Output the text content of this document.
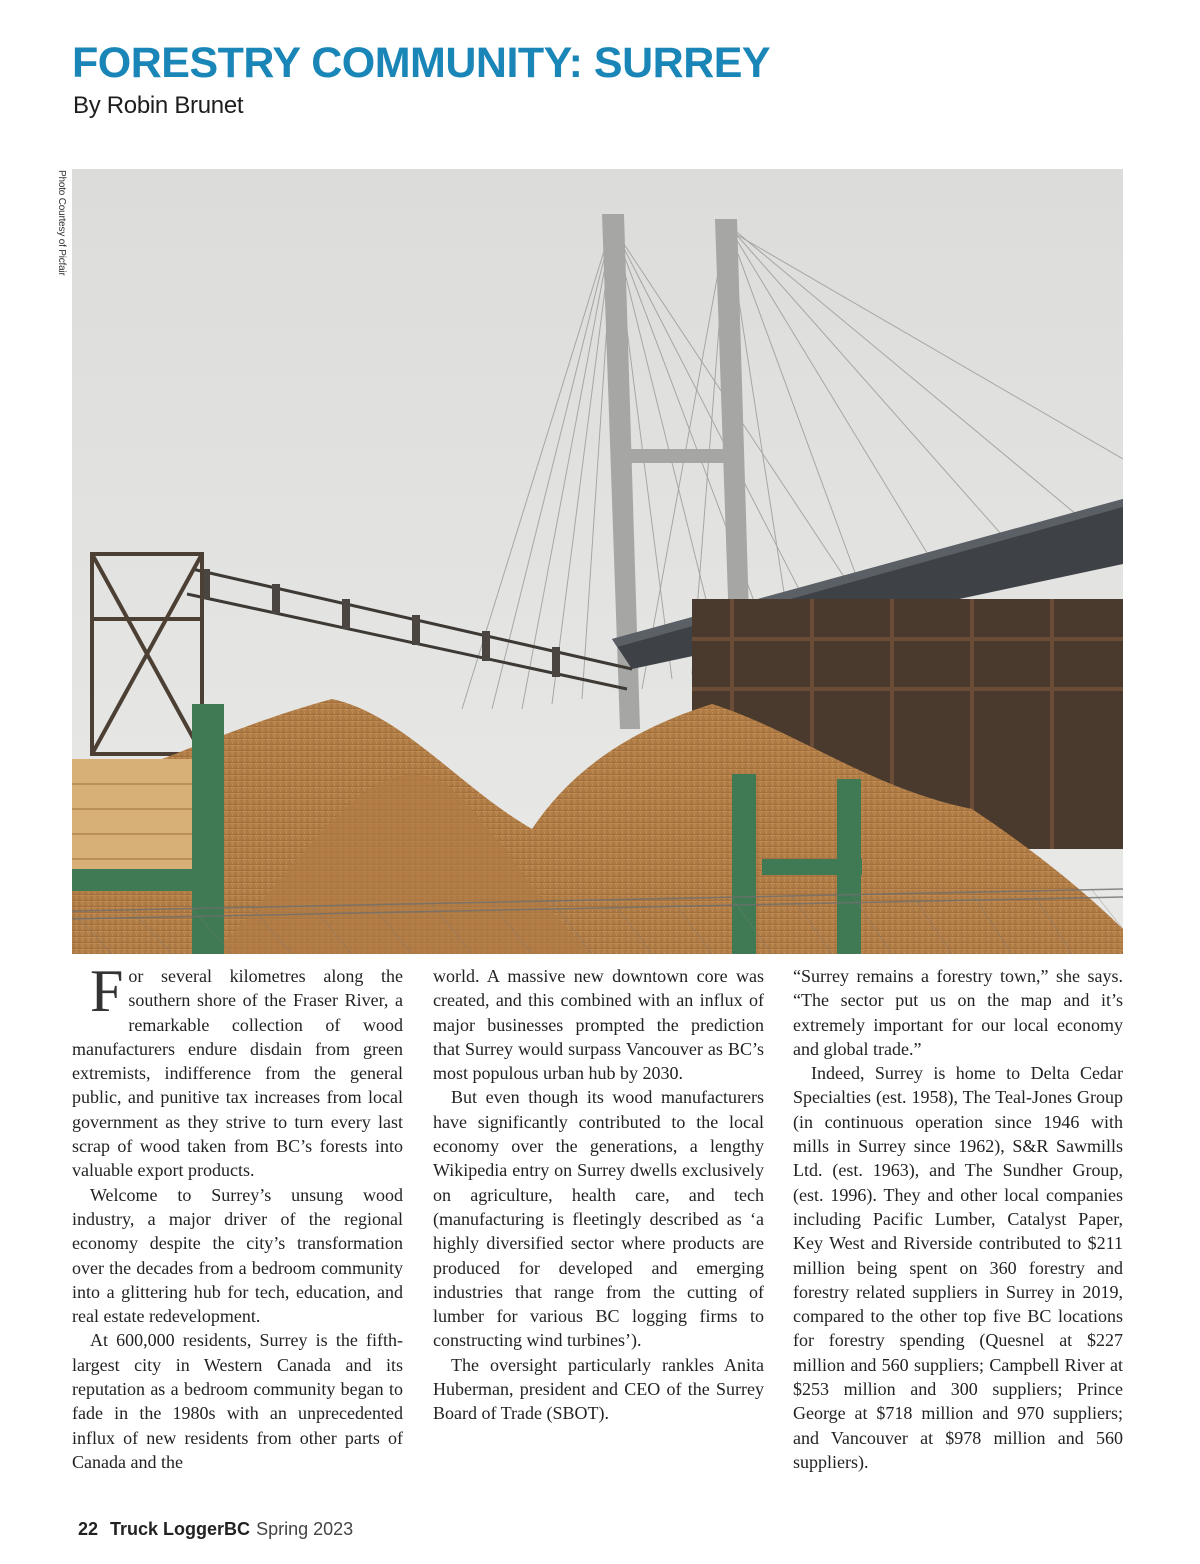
FORESTRY COMMUNITY: SURREY
By Robin Brunet
Photo Courtesy of Picfair

For several kilometres along the southern shore of the Fraser River, a remarkable collection of wood manufacturers endure disdain from green extremists, indifference from the general public, and punitive tax increases from local government as they strive to turn every last scrap of wood taken from BC’s forests into valuable export products.

Welcome to Surrey’s unsung wood industry, a major driver of the regional economy despite the city’s transformation over the decades from a bedroom community into a glittering hub for tech, education, and real estate redevelopment.

At 600,000 residents, Surrey is the fifth-largest city in Western Canada and its reputation as a bedroom community began to fade in the 1980s with an unprecedented influx of new residents from other parts of Canada and the

world. A massive new downtown core was created, and this combined with an influx of major businesses prompted the prediction that Surrey would surpass Vancouver as BC’s most populous urban hub by 2030.

But even though its wood manufacturers have significantly contributed to the local economy over the generations, a lengthy Wikipedia entry on Surrey dwells exclusively on agriculture, health care, and tech (manufacturing is fleetingly described as ‘a highly diversified sector where products are produced for developed and emerging industries that range from the cutting of lumber for various BC logging firms to constructing wind turbines’).

The oversight particularly rankles Anita Huberman, president and CEO of the Surrey Board of Trade (SBOT).

“Surrey remains a forestry town,” she says. “The sector put us on the map and it’s extremely important for our local economy and global trade.”

Indeed, Surrey is home to Delta Cedar Specialties (est. 1958), The Teal-Jones Group (in continuous operation since 1946 with mills in Surrey since 1962), S&R Sawmills Ltd. (est. 1963), and The Sundher Group, (est. 1996). They and other local companies including Pacific Lumber, Catalyst Paper, Key West and Riverside contributed to $211 million being spent on 360 forestry and forestry related suppliers in Surrey in 2019, compared to the other top five BC locations for forestry spending (Quesnel at $227 million and 560 suppliers; Campbell River at $253 million and 300 suppliers; Prince George at $718 million and 970 suppliers; and Vancouver at $978 million and 560 suppliers).

22 Truck LoggerBC Spring 2023
